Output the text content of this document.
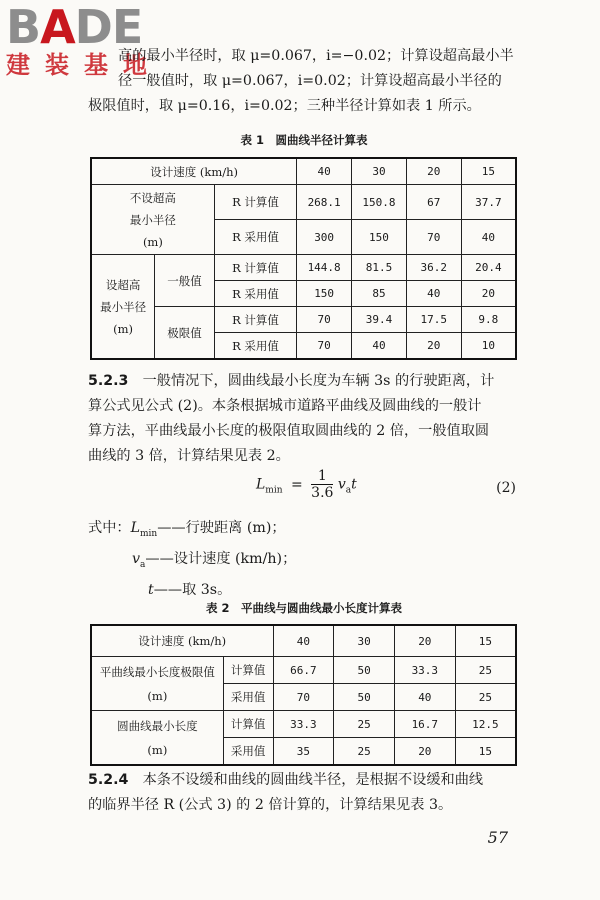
BADE
建装基地

高的最小半径时，取 μ=0.067，i=−0.02；计算设超高最小半

径一般值时，取 μ=0.067，i=0.02；计算设超高最小半径的

极限值时，取 μ=0.16，i=0.02；三种半径计算如表 1 所示。

表 1　圆曲线半径计算表

设计速度 (km/h)			40	30	20	15

不设超高
最小半径
(m)		R 计算值	268.1	150.8	67	37.7
		R 采用值	300	150	70	40

设超高
最小半径
(m)	一般值	R 计算值	144.8	81.5	36.2	20.4
		R 采用值	150	85	40	20
	极限值	R 计算值	70	39.4	17.5	9.8
		R 采用值	70	40	20	10

5.2.3　 一般情况下，圆曲线最小长度为车辆 3s 的行驶距离，计

算公式见公式 (2)。本条根据城市道路平曲线及圆曲线的一般计

算方法，平曲线最小长度的极限值取圆曲线的 2 倍，一般值取圆

曲线的 3 倍，计算结果见表 2。

$L_{min} = \frac{1}{3.6} v_at$	(2)
式中：$L_{min}——$行驶距离 (m)；
$v_a——$设计速度 (km/h)；
t——取 3s。

表 2　平曲线与圆曲线最小长度计算表

设计速度 (km/h)		40	30	20	15

平曲线最小长度极限值
(m)	计算值	66.7	50	33.3	25
	采用值	70	50	40	25

圆曲线最小长度
(m)	计算值	33.3	25	16.7	12.5
	采用值	35	25	20	15

5.2.4　 本条不设缓和曲线的圆曲线半径，是根据不设缓和曲线

的临界半径 R (公式 3) 的 2 倍计算的，计算结果见表 3。

57
